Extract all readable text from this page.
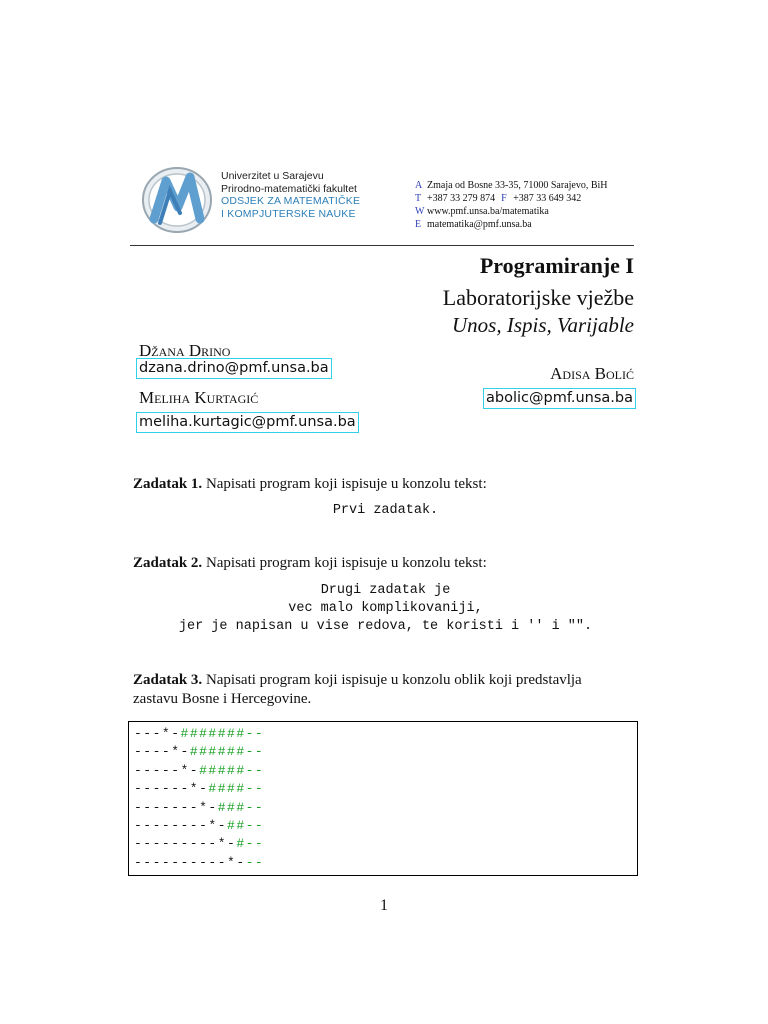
Univerzitet u Sarajevu
Prirodno-matematički fakultet
ODSJEK ZA MATEMATIČKE
I KOMPJUTERSKE NAUKE
A Zmaja od Bosne 33-35, 71000 Sarajevo, BiH
T +387 33 279 874 F +387 33 649 342
W www.pmf.unsa.ba/matematika
E matematika@pmf.unsa.ba
Programiranje I
Laboratorijske vježbe
Unos, Ispis, Varijable
Džana Drino
dzana.drino@pmf.unsa.ba
Meliha Kurtagić
meliha.kurtagic@pmf.unsa.ba
Adisa Bolić
abolic@pmf.unsa.ba
Zadatak 1. Napisati program koji ispisuje u konzolu tekst:
Prvi zadatak.
Zadatak 2. Napisati program koji ispisuje u konzolu tekst:
Drugi zadatak je
vec malo komplikovaniji,
jer je napisan u vise redova, te koristi i '' i "".
Zadatak 3. Napisati program koji ispisuje u konzolu oblik koji predstavlja
zastavu Bosne i Hercegovine.
---*-#######--
----*-######--
-----*-#####--
------*-####--
-------*-###--
--------*-##--
---------*-#--
----------*---
1
